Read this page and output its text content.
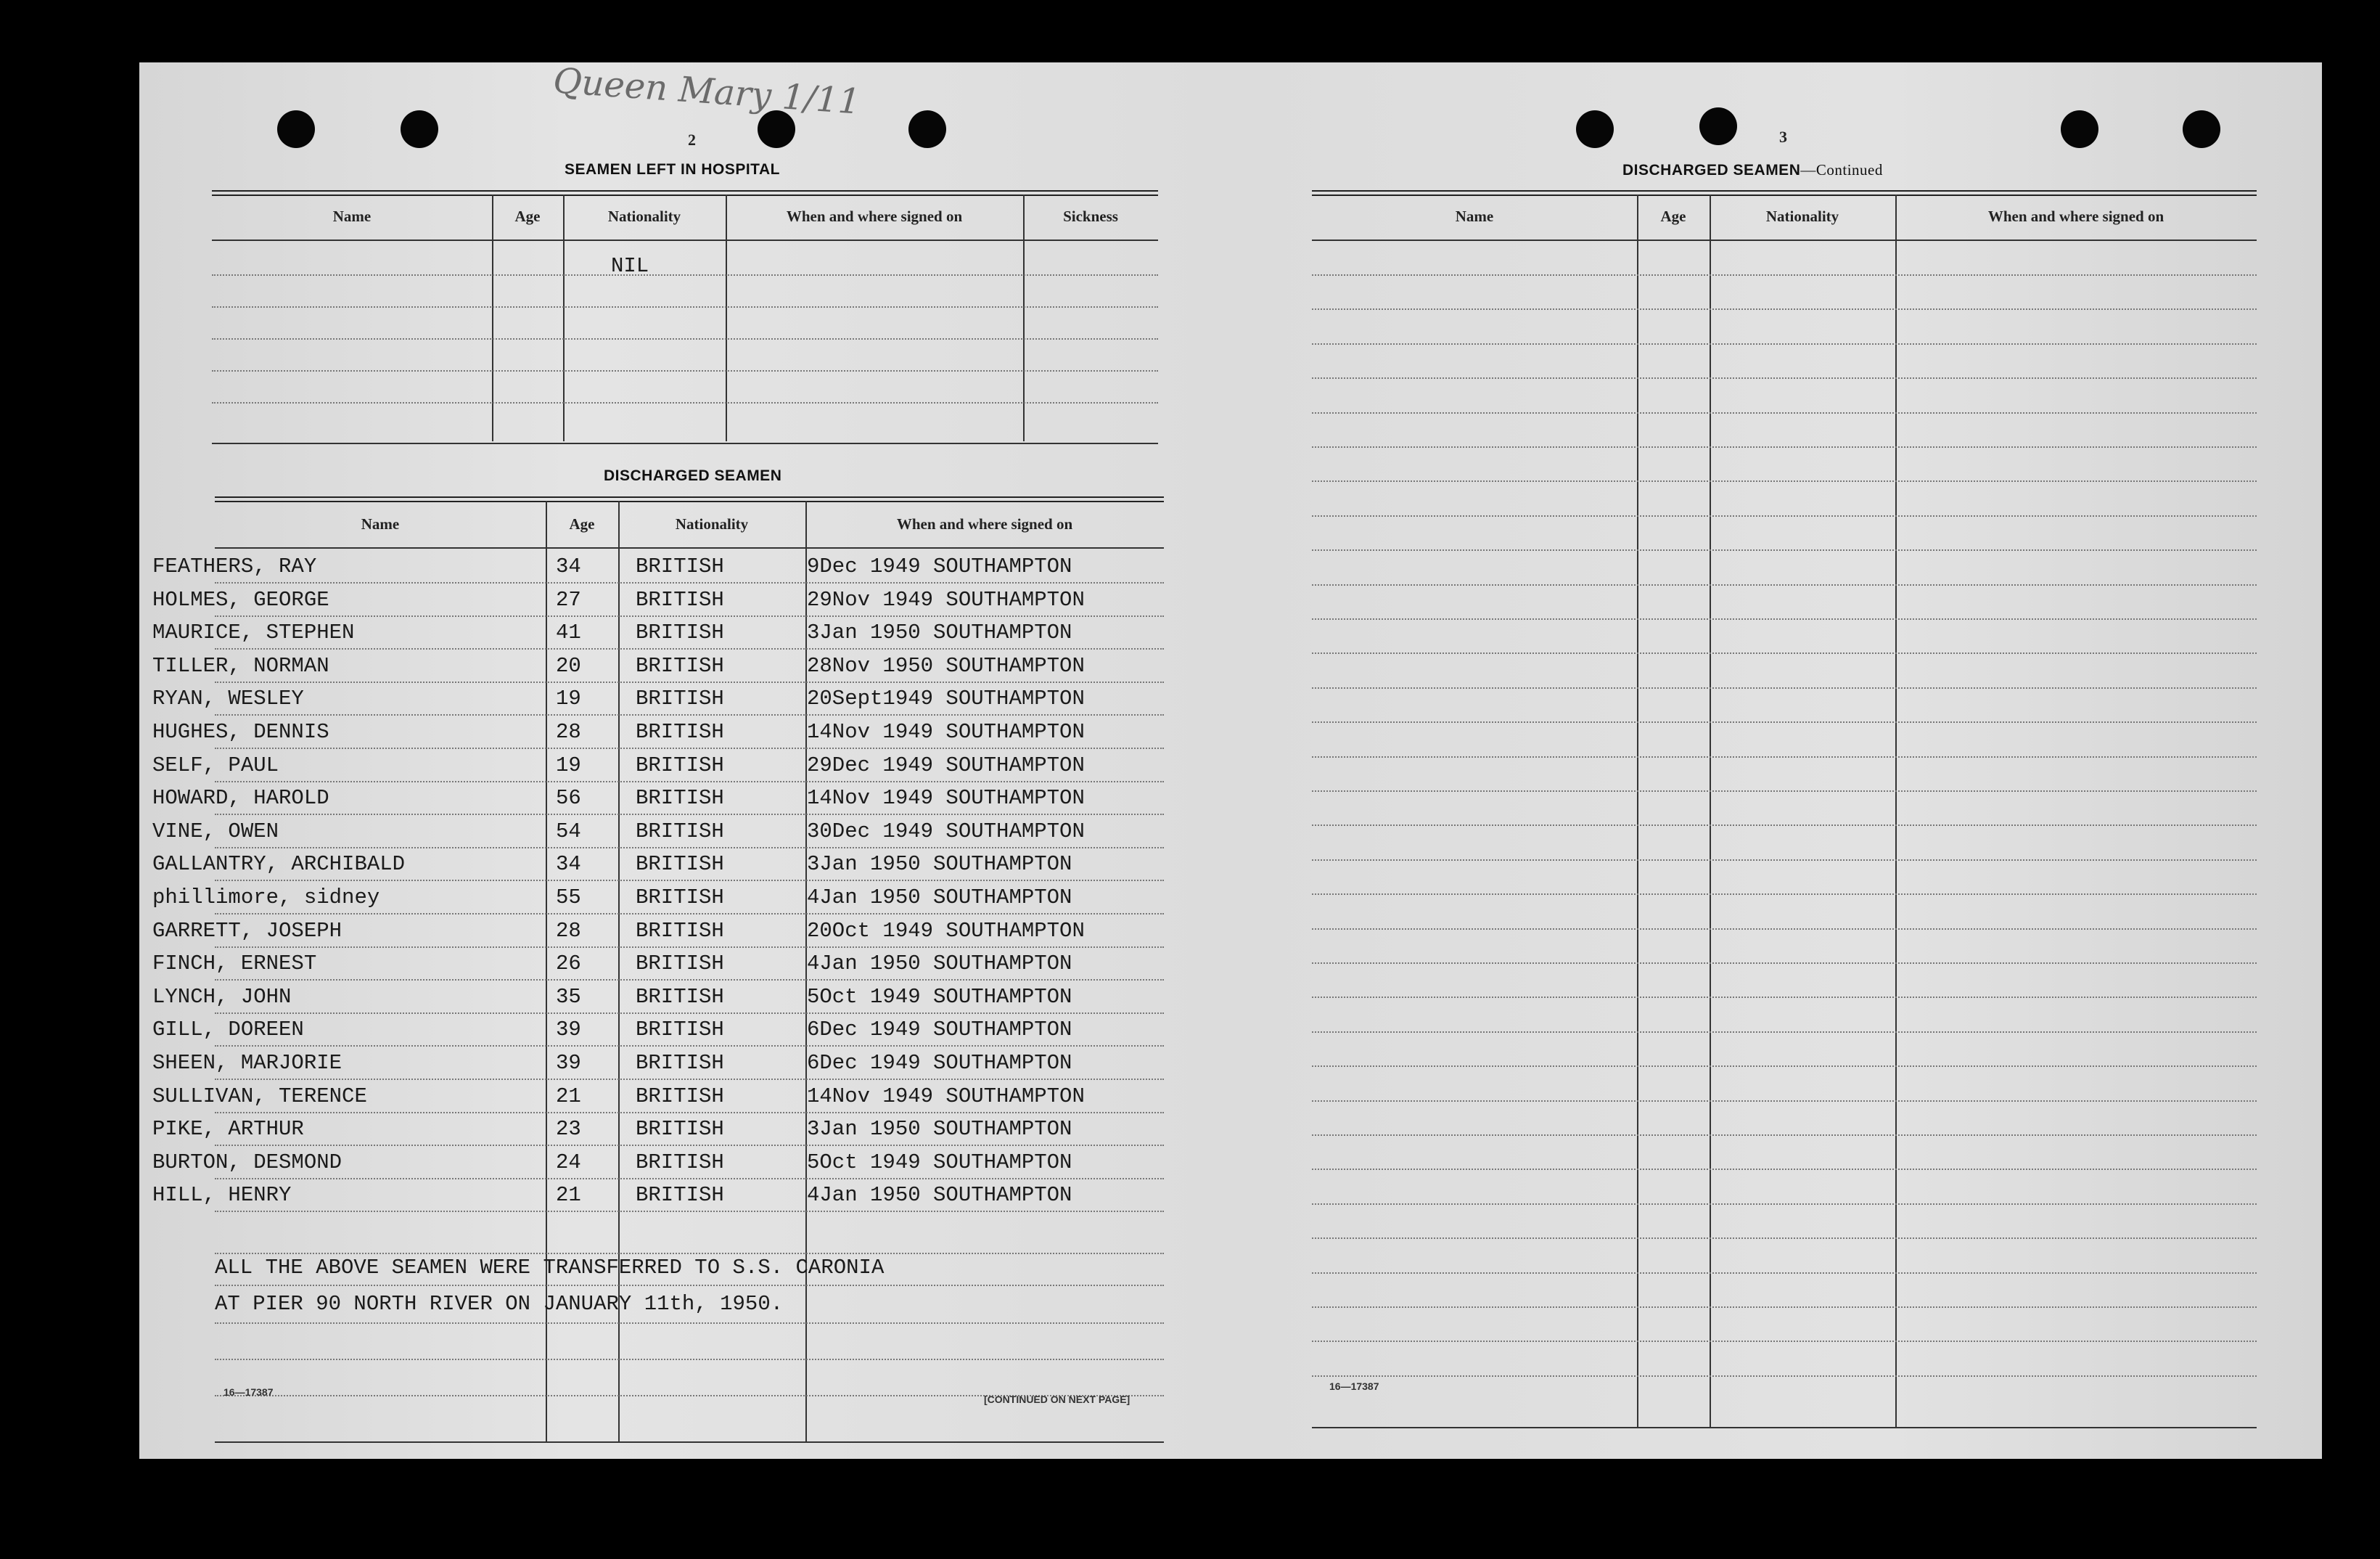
Queen Mary 1/11
2
SEAMEN LEFT IN HOSPITAL
Name	Age	Nationality	When and where signed on	Sickness
NIL
DISCHARGED SEAMEN
Name	Age	Nationality	When and where signed on
FEATHERS, RAY	34	BRITISH	9Dec 1949 SOUTHAMPTON
HOLMES, GEORGE	27	BRITISH	29Nov 1949 SOUTHAMPTON
MAURICE, STEPHEN	41	BRITISH	3Jan 1950 SOUTHAMPTON
TILLER, NORMAN	20	BRITISH	28Nov 1950 SOUTHAMPTON
RYAN, WESLEY	19	BRITISH	20Sept1949 SOUTHAMPTON
HUGHES, DENNIS	28	BRITISH	14Nov 1949 SOUTHAMPTON
SELF, PAUL	19	BRITISH	29Dec 1949 SOUTHAMPTON
HOWARD, HAROLD	56	BRITISH	14Nov 1949 SOUTHAMPTON
VINE, OWEN	54	BRITISH	30Dec 1949 SOUTHAMPTON
GALLANTRY, ARCHIBALD	34	BRITISH	3Jan 1950 SOUTHAMPTON
phillimore, sidney	55	BRITISH	4Jan 1950 SOUTHAMPTON
GARRETT, JOSEPH	28	BRITISH	20Oct 1949 SOUTHAMPTON
FINCH, ERNEST	26	BRITISH	4Jan 1950 SOUTHAMPTON
LYNCH, JOHN	35	BRITISH	5Oct 1949 SOUTHAMPTON
GILL, DOREEN	39	BRITISH	6Dec 1949 SOUTHAMPTON
SHEEN, MARJORIE	39	BRITISH	6Dec 1949 SOUTHAMPTON
SULLIVAN, TERENCE	21	BRITISH	14Nov 1949 SOUTHAMPTON
PIKE, ARTHUR	23	BRITISH	3Jan 1950 SOUTHAMPTON
BURTON, DESMOND	24	BRITISH	5Oct 1949 SOUTHAMPTON
HILL, HENRY	21	BRITISH	4Jan 1950 SOUTHAMPTON
ALL THE ABOVE SEAMEN WERE TRANSFERRED TO S.S. CARONIA
AT PIER 90 NORTH RIVER ON JANUARY 11th, 1950.
16—17387
[CONTINUED ON NEXT PAGE]
3
DISCHARGED SEAMEN—Continued
Name	Age	Nationality	When and where signed on
16—17387
